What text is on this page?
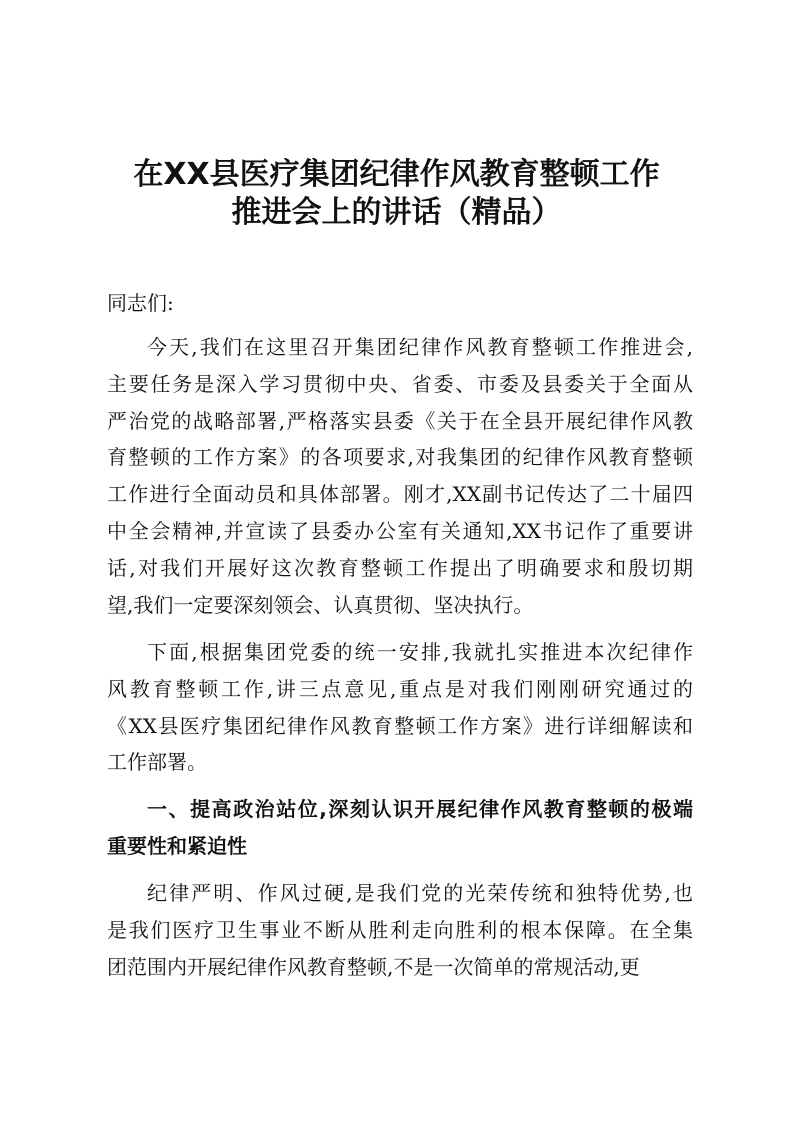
在XX县医疗集团纪律作风教育整顿工作
推进会上的讲话（精品）
同志们:
今天,我们在这里召开集团纪律作风教育整顿工作推进会,
主要任务是深入学习贯彻中央、省委、市委及县委关于全面从
严治党的战略部署,严格落实县委《关于在全县开展纪律作风教
育整顿的工作方案》的各项要求,对我集团的纪律作风教育整顿
工作进行全面动员和具体部署。刚才,XX副书记传达了二十届四
中全会精神,并宣读了县委办公室有关通知,XX书记作了重要讲
话,对我们开展好这次教育整顿工作提出了明确要求和殷切期
望,我们一定要深刻领会、认真贯彻、坚决执行。
下面,根据集团党委的统一安排,我就扎实推进本次纪律作
风教育整顿工作,讲三点意见,重点是对我们刚刚研究通过的
《XX县医疗集团纪律作风教育整顿工作方案》进行详细解读和
工作部署。
一、提高政治站位,深刻认识开展纪律作风教育整顿的极端
重要性和紧迫性
纪律严明、作风过硬,是我们党的光荣传统和独特优势,也
是我们医疗卫生事业不断从胜利走向胜利的根本保障。在全集
团范围内开展纪律作风教育整顿,不是一次简单的常规活动,更
